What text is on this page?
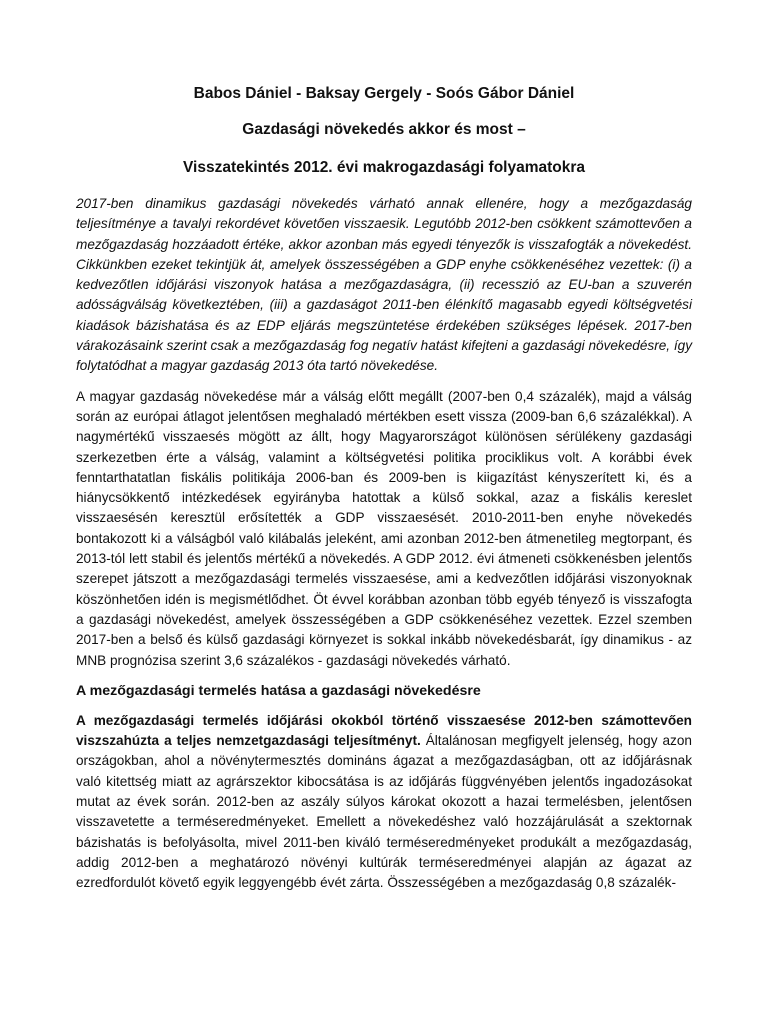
Babos Dániel - Baksay Gergely - Soós Gábor Dániel

Gazdasági növekedés akkor és most –

Visszatekintés 2012. évi makrogazdasági folyamatokra

2017-ben dinamikus gazdasági növekedés várható annak ellenére, hogy a mezőgazdaság teljesítménye a tavalyi rekordévet követően visszaesik. Legutóbb 2012-ben csökkent számottevően a mezőgazdaság hozzáadott értéke, akkor azonban más egyedi tényezők is visszafogták a növekedést. Cikkünkben ezeket tekintjük át, amelyek összességében a GDP enyhe csökkenéséhez vezettek: (i) a kedvezőtlen időjárási viszonyok hatása a mezőgazdaságra, (ii) recesszió az EU-ban a szuverén adósságválság következtében, (iii) a gazdaságot 2011-ben élénkítő magasabb egyedi költségvetési kiadások bázishatása és az EDP eljárás megszüntetése érdekében szükséges lépések. 2017-ben várakozásaink szerint csak a mezőgazdaság fog negatív hatást kifejteni a gazdasági növekedésre, így folytatódhat a magyar gazdaság 2013 óta tartó növekedése.

A magyar gazdaság növekedése már a válság előtt megállt (2007-ben 0,4 százalék), majd a válság során az európai átlagot jelentősen meghaladó mértékben esett vissza (2009-ban 6,6 százalékkal). A nagymértékű visszaesés mögött az állt, hogy Magyarországot különösen sérülékeny gazdasági szerkezetben érte a válság, valamint a költségvetési politika prociklikus volt. A korábbi évek fenntarthatatlan fiskális politikája 2006-ban és 2009-ben is kiigazítást kényszerített ki, és a hiánycsökkentő intézkedések egyirányba hatottak a külső sokkal, azaz a fiskális kereslet visszaesésén keresztül erősítették a GDP visszaesését. 2010-2011-ben enyhe növekedés bontakozott ki a válságból való kilábalás jeleként, ami azonban 2012-ben átmenetileg megtorpant, és 2013-tól lett stabil és jelentős mértékű a növekedés. A GDP 2012. évi átmeneti csökkenésben jelentős szerepet játszott a mezőgazdasági termelés visszaesése, ami a kedvezőtlen időjárási viszonyoknak köszönhetően idén is megismétlődhet. Öt évvel korábban azonban több egyéb tényező is visszafogta a gazdasági növekedést, amelyek összességében a GDP csökkenéséhez vezettek. Ezzel szemben 2017-ben a belső és külső gazdasági környezet is sokkal inkább növekedésbarát, így dinamikus - az MNB prognózisa szerint 3,6 százalékos - gazdasági növekedés várható.

A mezőgazdasági termelés hatása a gazdasági növekedésre

A mezőgazdasági termelés időjárási okokból történő visszaesése 2012-ben számottevően viszszahúzta a teljes nemzetgazdasági teljesítményt. Általánosan megfigyelt jelenség, hogy azon országokban, ahol a növénytermesztés domináns ágazat a mezőgazdaságban, ott az időjárásnak való kitettség miatt az agrárszektor kibocsátása is az időjárás függvényében jelentős ingadozásokat mutat az évek során. 2012-ben az aszály súlyos károkat okozott a hazai termelésben, jelentősen visszavetette a terméseredményeket. Emellett a növekedéshez való hozzájárulását a szektornak bázishatás is befolyásolta, mivel 2011-ben kiváló terméseredményeket produkált a mezőgazdaság, addig 2012-ben a meghatározó növényi kultúrák terméseredményei alapján az ágazat az ezredfordulót követő egyik leggyengébb évét zárta. Összességében a mezőgazdaság 0,8 százalék-
